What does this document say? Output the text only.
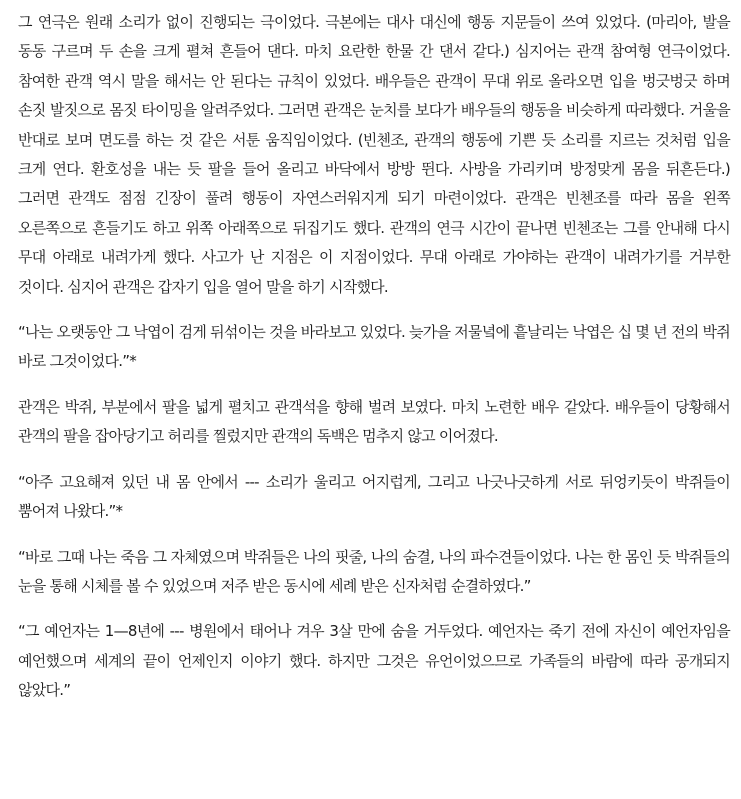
그 연극은 원래 소리가 없이 진행되는 극이었다. 극본에는 대사 대신에 행동 지문들이 쓰여 있었다. (마리아, 발을 동동 구르며 두 손을 크게 펼쳐 흔들어 댄다. 마치 요란한 한물 간 댄서 같다.) 심지어는 관객 참여형 연극이었다. 참여한 관객 역시 말을 해서는 안 된다는 규칙이 있었다. 배우들은 관객이 무대 위로 올라오면 입을 벙긋벙긋 하며 손짓 발짓으로 몸짓 타이밍을 알려주었다. 그러면 관객은 눈치를 보다가 배우들의 행동을 비슷하게 따라했다. 거울을 반대로 보며 면도를 하는 것 같은 서툰 움직임이었다. (빈첸조, 관객의 행동에 기쁜 듯 소리를 지르는 것처럼 입을 크게 연다. 환호성을 내는 듯 팔을 들어 올리고 바닥에서 방방 뛴다. 사방을 가리키며 방정맞게 몸을 뒤흔든다.) 그러면 관객도 점점 긴장이 풀려 행동이 자연스러워지게 되기 마련이었다. 관객은 빈첸조를 따라 몸을 왼쪽 오른쪽으로 흔들기도 하고 위쪽 아래쪽으로 뒤집기도 했다. 관객의 연극 시간이 끝나면 빈첸조는 그를 안내해 다시 무대 아래로 내려가게 했다. 사고가 난 지점은 이 지점이었다. 무대 아래로 가야하는 관객이 내려가기를 거부한 것이다. 심지어 관객은 갑자기 입을 열어 말을 하기 시작했다.

“나는 오랫동안 그 낙엽이 검게 뒤섞이는 것을 바라보고 있었다. 늦가을 저물녘에 흩날리는 낙엽은 십 몇 년 전의 박쥐 바로 그것이었다.”*

관객은 박쥐, 부분에서 팔을 넓게 펼치고 관객석을 향해 벌려 보였다. 마치 노련한 배우 같았다. 배우들이 당황해서 관객의 팔을 잡아당기고 허리를 찔렀지만 관객의 독백은 멈추지 않고 이어졌다.

“아주 고요해져 있던 내 몸 안에서 --- 소리가 울리고 어지럽게, 그리고 나긋나긋하게 서로 뒤엉키듯이 박쥐들이 뿜어져 나왔다.”*

“바로 그때 나는 죽음 그 자체였으며 박쥐들은 나의 핏줄, 나의 숨결, 나의 파수견들이었다. 나는 한 몸인 듯 박쥐들의 눈을 통해 시체를 볼 수 있었으며 저주 받은 동시에 세례 받은 신자처럼 순결하였다.”

“그 예언자는 1—8년에 --- 병원에서 태어나 겨우 3살 만에 숨을 거두었다. 예언자는 죽기 전에 자신이 예언자임을 예언했으며 세계의 끝이 언제인지 이야기 했다. 하지만 그것은 유언이었으므로 가족들의 바람에 따라 공개되지 않았다.”
